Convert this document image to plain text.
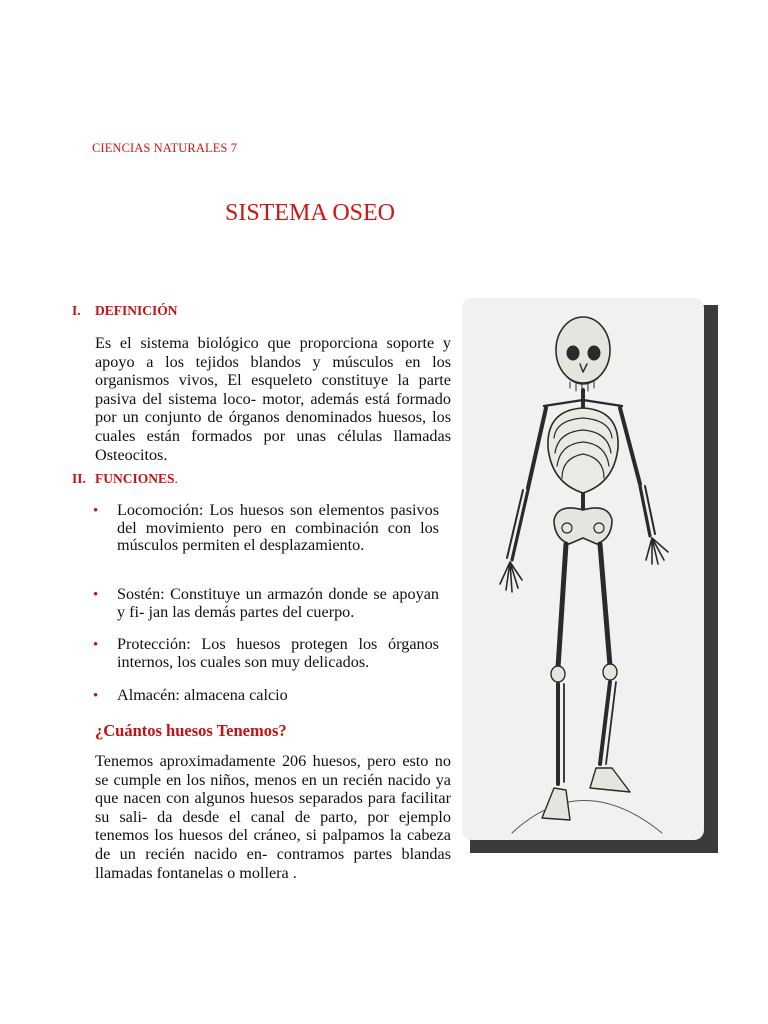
CIENCIAS NATURALES 7
SISTEMA OSEO
I. DEFINICIÓN
Es el sistema biológico que proporciona soporte y apoyo a los tejidos blandos y músculos en los organismos vivos, El esqueleto constituye la parte pasiva del sistema loco- motor, además está formado por un conjunto de órganos denominados huesos, los cuales están formados por unas células llamadas Osteocitos.
II. FUNCIONES.
• Locomoción: Los huesos son elementos pasivos del movimiento pero en combinación con los músculos permiten el desplazamiento.
• Sostén: Constituye un armazón donde se apoyan y fi- jan las demás partes del cuerpo.
• Protección: Los huesos protegen los órganos internos, los cuales son muy delicados.
• Almacén: almacena calcio
¿Cuántos huesos Tenemos?
Tenemos aproximadamente 206 huesos, pero esto no se cumple en los niños, menos en un recién nacido ya que nacen con algunos huesos separados para facilitar su sali- da desde el canal de parto, por ejemplo tenemos los huesos del cráneo, si palpamos la cabeza de un recién nacido en- contramos partes blandas llamadas fontanelas o mollera .
